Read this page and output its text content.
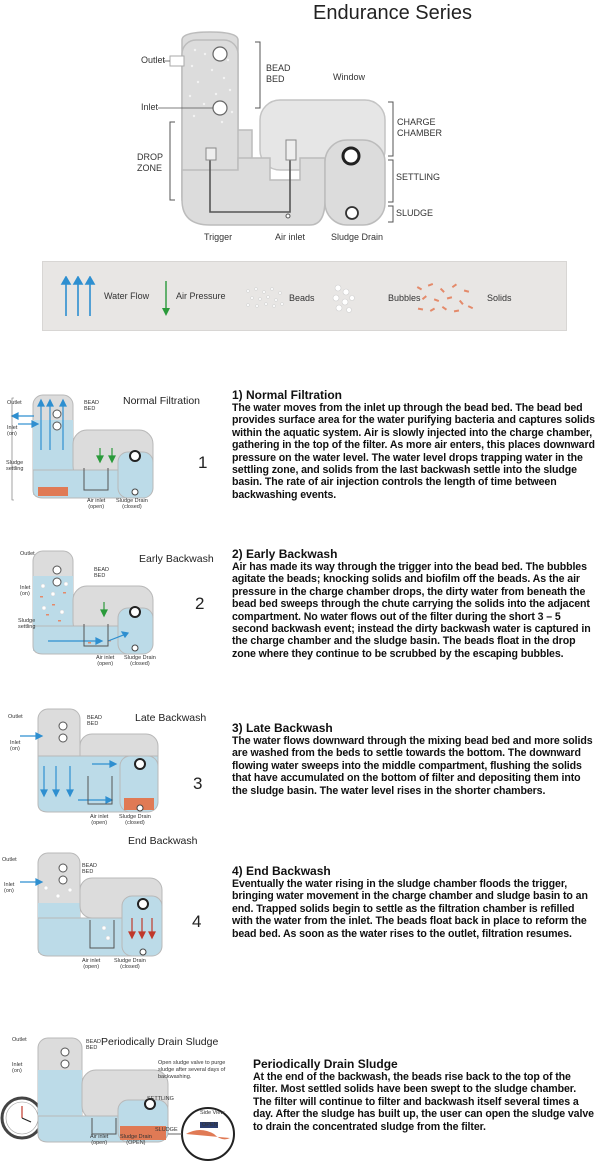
Endurance Series
Outlet
Inlet
DROP
ZONE
BEAD
BED	Window
CHARGE
CHAMBER
SETTLING
SLUDGE
Trigger	Air inlet	Sludge Drain
Water Flow	Air Pressure	Beads	Bubbles	Solids
Outlet
Inlet
(on)
BEAD
BED
Sludge
settling
Air inlet
(open)
Sludge Drain
(closed)
Normal Filtration
1

1) Normal Filtration

The water moves from the inlet up through the bead bed. The bead bed provides surface area for the water purifying bacteria and captures solids within the aquatic system. Air is slowly injected into the charge chamber, gathering in the top of the filter. As more air enters, this places downward pressure on the water level. The water level drops trapping water in the settling zone, and solids from the last backwash settle into the sludge basin. The rate of air injection controls the length of time between backwashing events.

Outlet
Inlet
(on)
BEAD
BED
Sludge
settling
Air inlet
(open)
Sludge Drain
(closed)
Early Backwash
2

2) Early Backwash

Air has made its way through the trigger into the bead bed. The bubbles agitate the beads; knocking solids and biofilm off the beads. As the air pressure in the charge chamber drops, the dirty water from beneath the bead bed sweeps through the chute carrying the solids into the adjacent compartment. No water flows out of the filter during the short 3 – 5 second backwash event; instead the dirty backwash water is captured in the charge chamber and the sludge basin. The beads float in the drop zone where they continue to be scrubbed by the escaping bubbles.

Outlet
Inlet
(on)
BEAD
BED
Air inlet
(open)
Sludge Drain
(closed)
Late Backwash
3

3) Late Backwash

The water flows downward through the mixing bead bed and more solids are washed from the beds to settle towards the bottom. The downward flowing water sweeps into the middle compartment, flushing the solids that have accumulated on the bottom of filter and depositing them into the sludge basin. The water level rises in the shorter chambers.

Outlet
Inlet
(on)
BEAD
BED
Air inlet
(open)
Sludge Drain
(closed)
End Backwash
4

4) End Backwash

Eventually the water rising in the sludge chamber floods the trigger, bringing water movement in the charge chamber and sludge basin to an end. Trapped solids begin to settle as the filtration chamber is refilled with the water from the inlet. The beads float back in place to reform the bead bed. As soon as the water rises to the outlet, filtration resumes.

Outlet
Inlet
(on)
BEAD
BED
SETTLING
SLUDGE
Air inlet
(open)
Sludge Drain
(OPEN)
Open sludge valve to purge sludge after several days of backwashing.
Side View
OPEN
Periodically Drain Sludge

Periodically Drain Sludge

At the end of the backwash, the beads rise back to the top of the filter. Most settled solids have been swept to the sludge chamber. The filter will continue to filter and backwash itself several times a day. After the sludge has built up, the user can open the sludge valve to drain the concentrated sludge from the filter.
